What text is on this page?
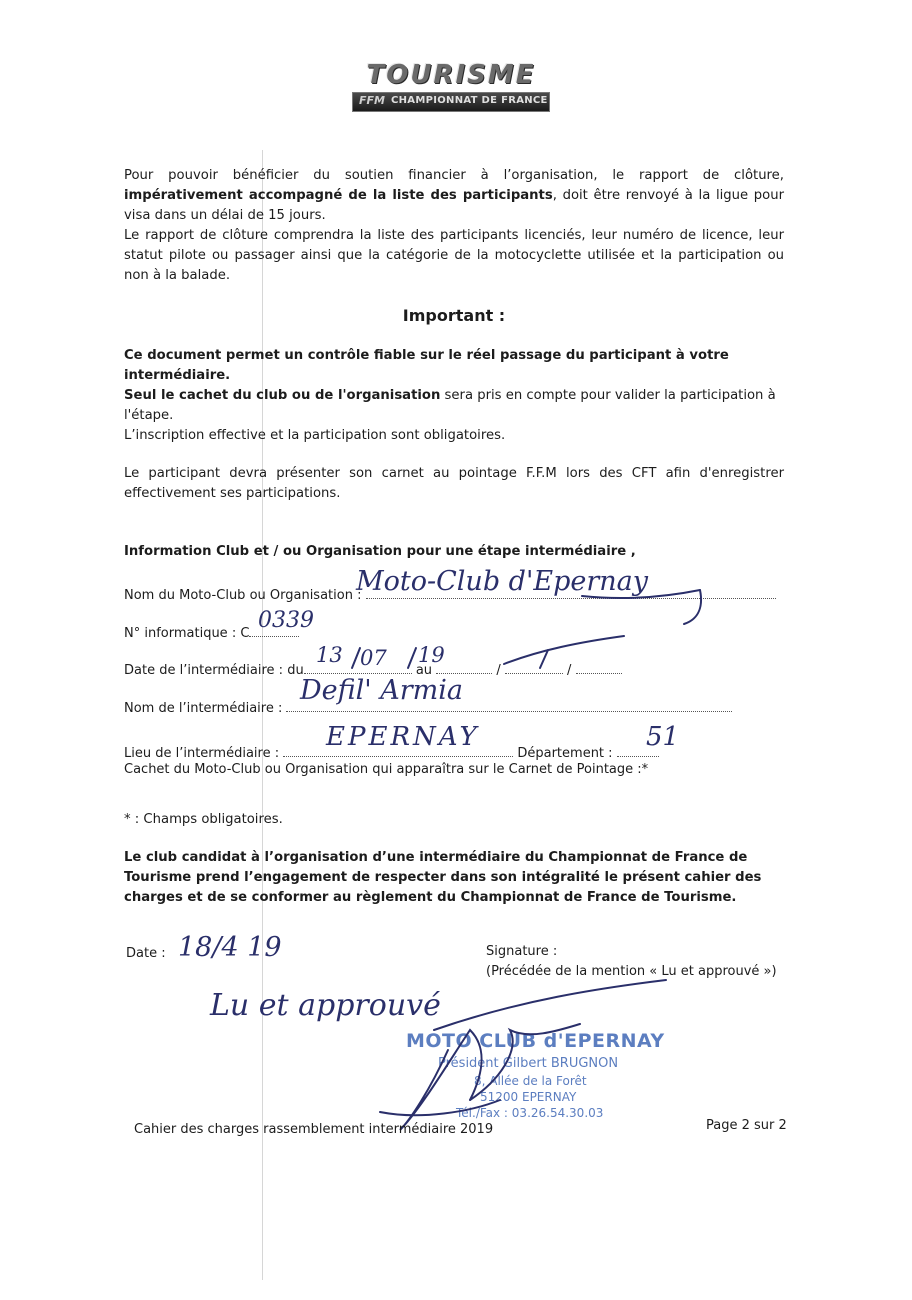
TOURISME
FFM CHAMPIONNAT DE FRANCE

Pour pouvoir bénéficier du soutien financier à l’organisation, le rapport de clôture, impérativement accompagné de la liste des participants, doit être renvoyé à la ligue pour visa dans un délai de 15 jours.

Le rapport de clôture comprendra la liste des participants licenciés, leur numéro de licence, leur statut pilote ou passager ainsi que la catégorie de la motocyclette utilisée et la participation ou non à la balade.

Important :
Ce document permet un contrôle fiable sur le réel passage du participant à votre intermédiaire.
Seul le cachet du club ou de l'organisation sera pris en compte pour valider la participation à l'étape.
L’inscription effective et la participation sont obligatoires.
Le participant devra présenter son carnet au pointage F.F.M lors des CFT afin d'enregistrer effectivement ses participations.
Information Club et / ou Organisation pour une étape intermédiaire ,
Nom du Moto-Club ou Organisation :
Moto-Club d'Epernay
N° informatique : C
0339
Date de l’intermédiaire : du	au	/	/
13 07 19
Nom de l’intermédiaire :
Defil' Armia
Lieu de l’intermédiaire :	Département :
EPERNAY	51
Cachet du Moto-Club ou Organisation qui apparaîtra sur le Carnet de Pointage :*
* : Champs obligatoires.
Le club candidat à l’organisation d’une intermédiaire du Championnat de France de Tourisme prend l’engagement de respecter dans son intégralité le présent cahier des charges et de se conformer au règlement du Championnat de France de Tourisme.
Date : 18/4 19
Lu et approuvé
Signature :
(Précédée de la mention « Lu et approuvé »)
MOTO CLUB d'EPERNAY
Président Gilbert BRUGNON
8, Allée de la Forêt
51200 EPERNAY
Tél./Fax : 03.26.54.30.03
Cahier des charges rassemblement intermédiaire 2019	Page 2 sur 2
